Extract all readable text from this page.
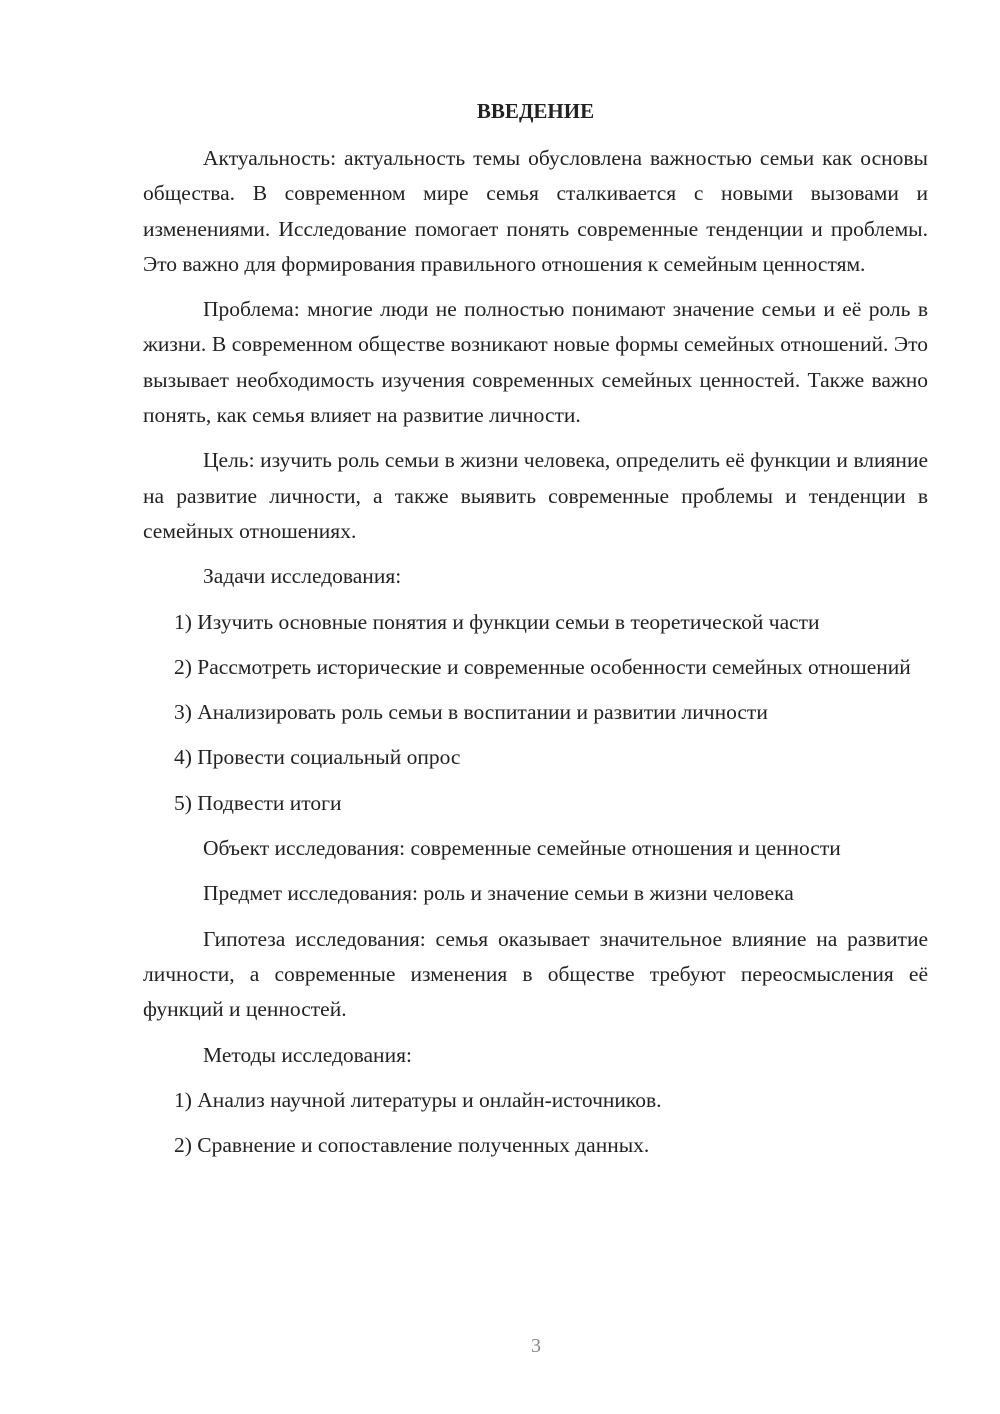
ВВЕДЕНИЕ

Актуальность: актуальность темы обусловлена важностью семьи как основы общества. В современном мире семья сталкивается с новыми вызовами и изменениями. Исследование помогает понять современные тенденции и проблемы. Это важно для формирования правильного отношения к семейным ценностям.

Проблема: многие люди не полностью понимают значение семьи и её роль в жизни. В современном обществе возникают новые формы семейных отношений. Это вызывает необходимость изучения современных семейных ценностей. Также важно понять, как семья влияет на развитие личности.

Цель: изучить роль семьи в жизни человека, определить её функции и влияние на развитие личности, а также выявить современные проблемы и тенденции в семейных отношениях.

Задачи исследования:

1) Изучить основные понятия и функции семьи в теоретической части

2) Рассмотреть исторические и современные особенности семейных отношений

3) Анализировать роль семьи в воспитании и развитии личности

4) Провести социальный опрос

5) Подвести итоги

Объект исследования: современные семейные отношения и ценности

Предмет исследования: роль и значение семьи в жизни человека

Гипотеза исследования: семья оказывает значительное влияние на развитие личности, а современные изменения в обществе требуют переосмысления её функций и ценностей.

Методы исследования:

1) Анализ научной литературы и онлайн-источников.

2) Сравнение и сопоставление полученных данных.

3
